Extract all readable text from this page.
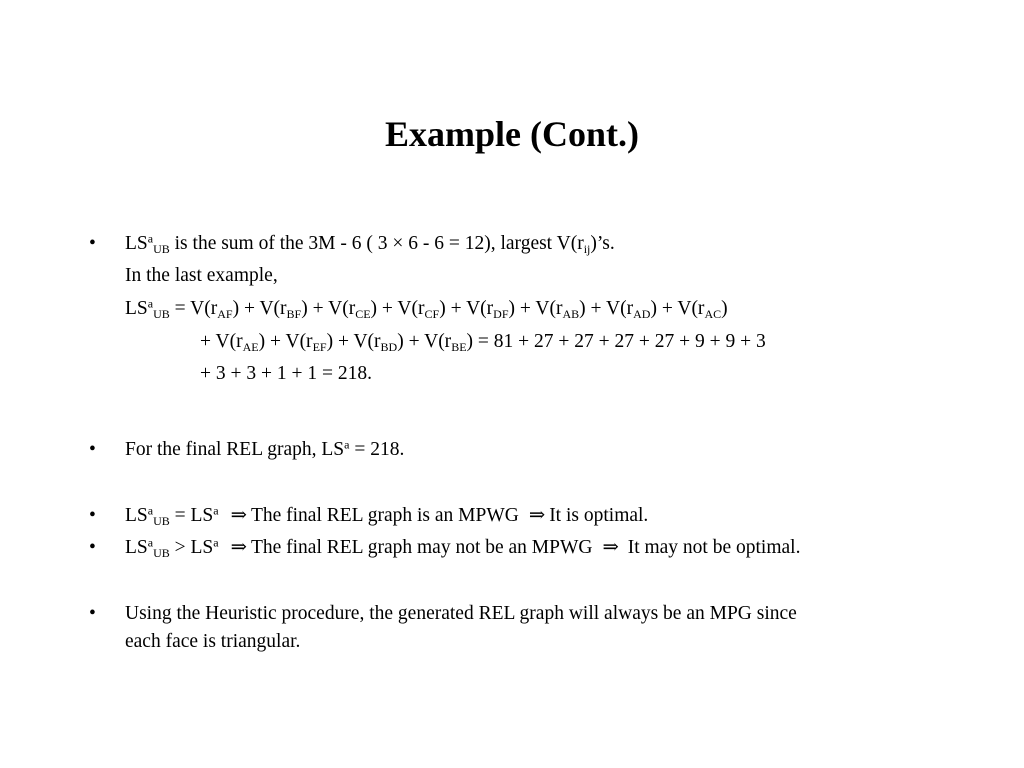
Example (Cont.)
• $LS^a_{UB}$ is the sum of the 3M - 6 ( 3 × 6 - 6 = 12), largest $V(r_{ij})’s$.
In the last example,
$LS^a_{UB} = V(r_{AF}) + V(r_{BF}) + V(r_{CE}) + V(r_{CF}) + V(r_{DF}) + V(r_{AB}) + V(r_{AD}) + V(r_{AC})$
+ $V(r_{AE}) + V(r_{EF}) + V(r_{BD}) + V(r_{BE}) = 81 + 27 + 27 + 27 + 27 + 9 + 9 + 3$
+ 3 + 3 + 1 + 1 = 218.
• For the final REL graph, $LS^a = 218$.
• $LS^a_{UB} = LS^a$ ⇒ The final REL graph is an MPWG ⇒ It is optimal.
• $LS^a_{UB} > LS^a$ ⇒ The final REL graph may not be an MPWG ⇒ It may not be optimal.
• Using the Heuristic procedure, the generated REL graph will always be an MPG since
each face is triangular.
